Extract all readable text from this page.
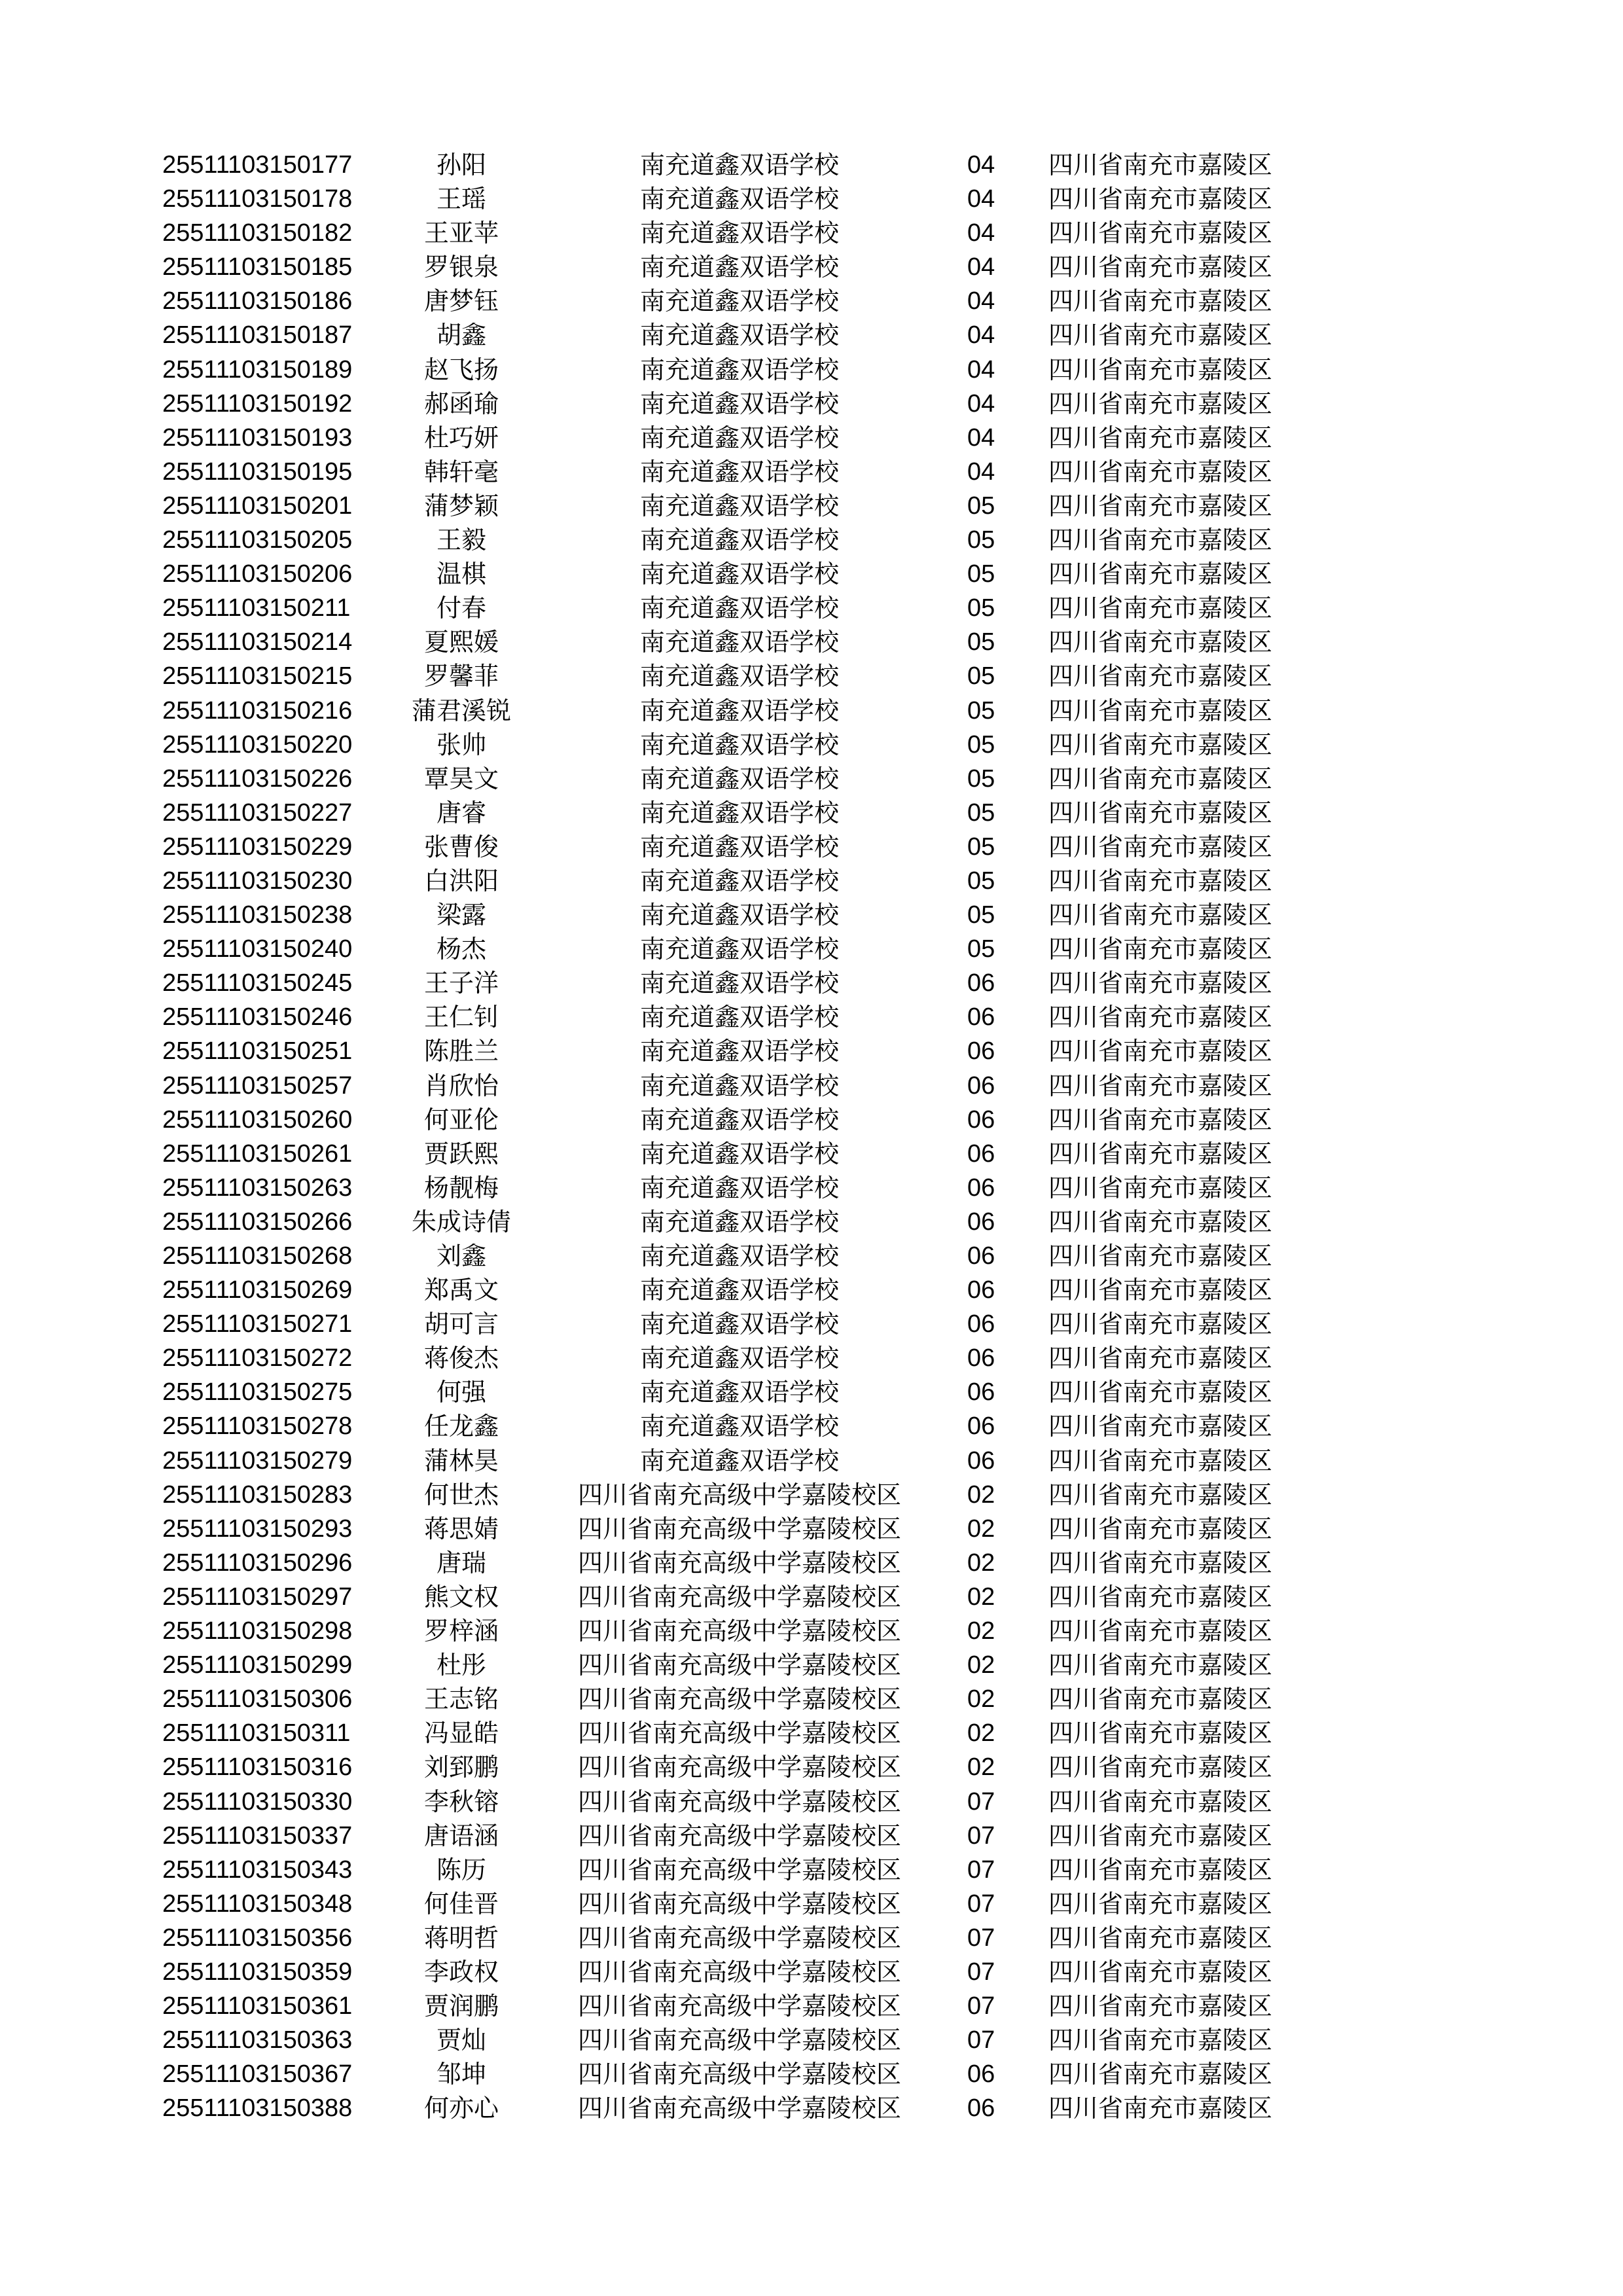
25511103150177	孙阳	南充道鑫双语学校	04 四川省南充市嘉陵区
25511103150178	王瑶	南充道鑫双语学校	04 四川省南充市嘉陵区
25511103150182	王亚苹	南充道鑫双语学校	04 四川省南充市嘉陵区
25511103150185	罗银泉	南充道鑫双语学校	04 四川省南充市嘉陵区
25511103150186	唐梦钰	南充道鑫双语学校	04 四川省南充市嘉陵区
25511103150187	胡鑫	南充道鑫双语学校	04 四川省南充市嘉陵区
25511103150189	赵飞扬	南充道鑫双语学校	04 四川省南充市嘉陵区
25511103150192	郝函瑜	南充道鑫双语学校	04 四川省南充市嘉陵区
25511103150193	杜巧妍	南充道鑫双语学校	04 四川省南充市嘉陵区
25511103150195	韩轩毫	南充道鑫双语学校	04 四川省南充市嘉陵区
25511103150201	蒲梦颖	南充道鑫双语学校	05 四川省南充市嘉陵区
25511103150205	王毅	南充道鑫双语学校	05 四川省南充市嘉陵区
25511103150206	温棋	南充道鑫双语学校	05 四川省南充市嘉陵区
25511103150211	付春	南充道鑫双语学校	05 四川省南充市嘉陵区
25511103150214	夏熙媛	南充道鑫双语学校	05 四川省南充市嘉陵区
25511103150215	罗馨菲	南充道鑫双语学校	05 四川省南充市嘉陵区
25511103150216	蒲君溪锐	南充道鑫双语学校	05 四川省南充市嘉陵区
25511103150220	张帅	南充道鑫双语学校	05 四川省南充市嘉陵区
25511103150226	覃昊文	南充道鑫双语学校	05 四川省南充市嘉陵区
25511103150227	唐睿	南充道鑫双语学校	05 四川省南充市嘉陵区
25511103150229	张曹俊	南充道鑫双语学校	05 四川省南充市嘉陵区
25511103150230	白洪阳	南充道鑫双语学校	05 四川省南充市嘉陵区
25511103150238	梁露	南充道鑫双语学校	05 四川省南充市嘉陵区
25511103150240	杨杰	南充道鑫双语学校	05 四川省南充市嘉陵区
25511103150245	王子洋	南充道鑫双语学校	06 四川省南充市嘉陵区
25511103150246	王仁钊	南充道鑫双语学校	06 四川省南充市嘉陵区
25511103150251	陈胜兰	南充道鑫双语学校	06 四川省南充市嘉陵区
25511103150257	肖欣怡	南充道鑫双语学校	06 四川省南充市嘉陵区
25511103150260	何亚伦	南充道鑫双语学校	06 四川省南充市嘉陵区
25511103150261	贾跃熙	南充道鑫双语学校	06 四川省南充市嘉陵区
25511103150263	杨靓梅	南充道鑫双语学校	06 四川省南充市嘉陵区
25511103150266	朱成诗倩	南充道鑫双语学校	06 四川省南充市嘉陵区
25511103150268	刘鑫	南充道鑫双语学校	06 四川省南充市嘉陵区
25511103150269	郑禹文	南充道鑫双语学校	06 四川省南充市嘉陵区
25511103150271	胡可言	南充道鑫双语学校	06 四川省南充市嘉陵区
25511103150272	蒋俊杰	南充道鑫双语学校	06 四川省南充市嘉陵区
25511103150275	何强	南充道鑫双语学校	06 四川省南充市嘉陵区
25511103150278	任龙鑫	南充道鑫双语学校	06 四川省南充市嘉陵区
25511103150279	蒲林昊	南充道鑫双语学校	06 四川省南充市嘉陵区
25511103150283	何世杰	四川省南充高级中学嘉陵校区	02 四川省南充市嘉陵区
25511103150293	蒋思婧	四川省南充高级中学嘉陵校区	02 四川省南充市嘉陵区
25511103150296	唐瑞	四川省南充高级中学嘉陵校区	02 四川省南充市嘉陵区
25511103150297	熊文权	四川省南充高级中学嘉陵校区	02 四川省南充市嘉陵区
25511103150298	罗梓涵	四川省南充高级中学嘉陵校区	02 四川省南充市嘉陵区
25511103150299	杜彤	四川省南充高级中学嘉陵校区	02 四川省南充市嘉陵区
25511103150306	王志铭	四川省南充高级中学嘉陵校区	02 四川省南充市嘉陵区
25511103150311	冯显皓	四川省南充高级中学嘉陵校区	02 四川省南充市嘉陵区
25511103150316	刘郅鹏	四川省南充高级中学嘉陵校区	02 四川省南充市嘉陵区
25511103150330	李秋镕	四川省南充高级中学嘉陵校区	07 四川省南充市嘉陵区
25511103150337	唐语涵	四川省南充高级中学嘉陵校区	07 四川省南充市嘉陵区
25511103150343	陈历	四川省南充高级中学嘉陵校区	07 四川省南充市嘉陵区
25511103150348	何佳晋	四川省南充高级中学嘉陵校区	07 四川省南充市嘉陵区
25511103150356	蒋明哲	四川省南充高级中学嘉陵校区	07 四川省南充市嘉陵区
25511103150359	李政权	四川省南充高级中学嘉陵校区	07 四川省南充市嘉陵区
25511103150361	贾润鹏	四川省南充高级中学嘉陵校区	07 四川省南充市嘉陵区
25511103150363	贾灿	四川省南充高级中学嘉陵校区	07 四川省南充市嘉陵区
25511103150367	邹坤	四川省南充高级中学嘉陵校区	06 四川省南充市嘉陵区
25511103150388	何亦心	四川省南充高级中学嘉陵校区	06 四川省南充市嘉陵区
